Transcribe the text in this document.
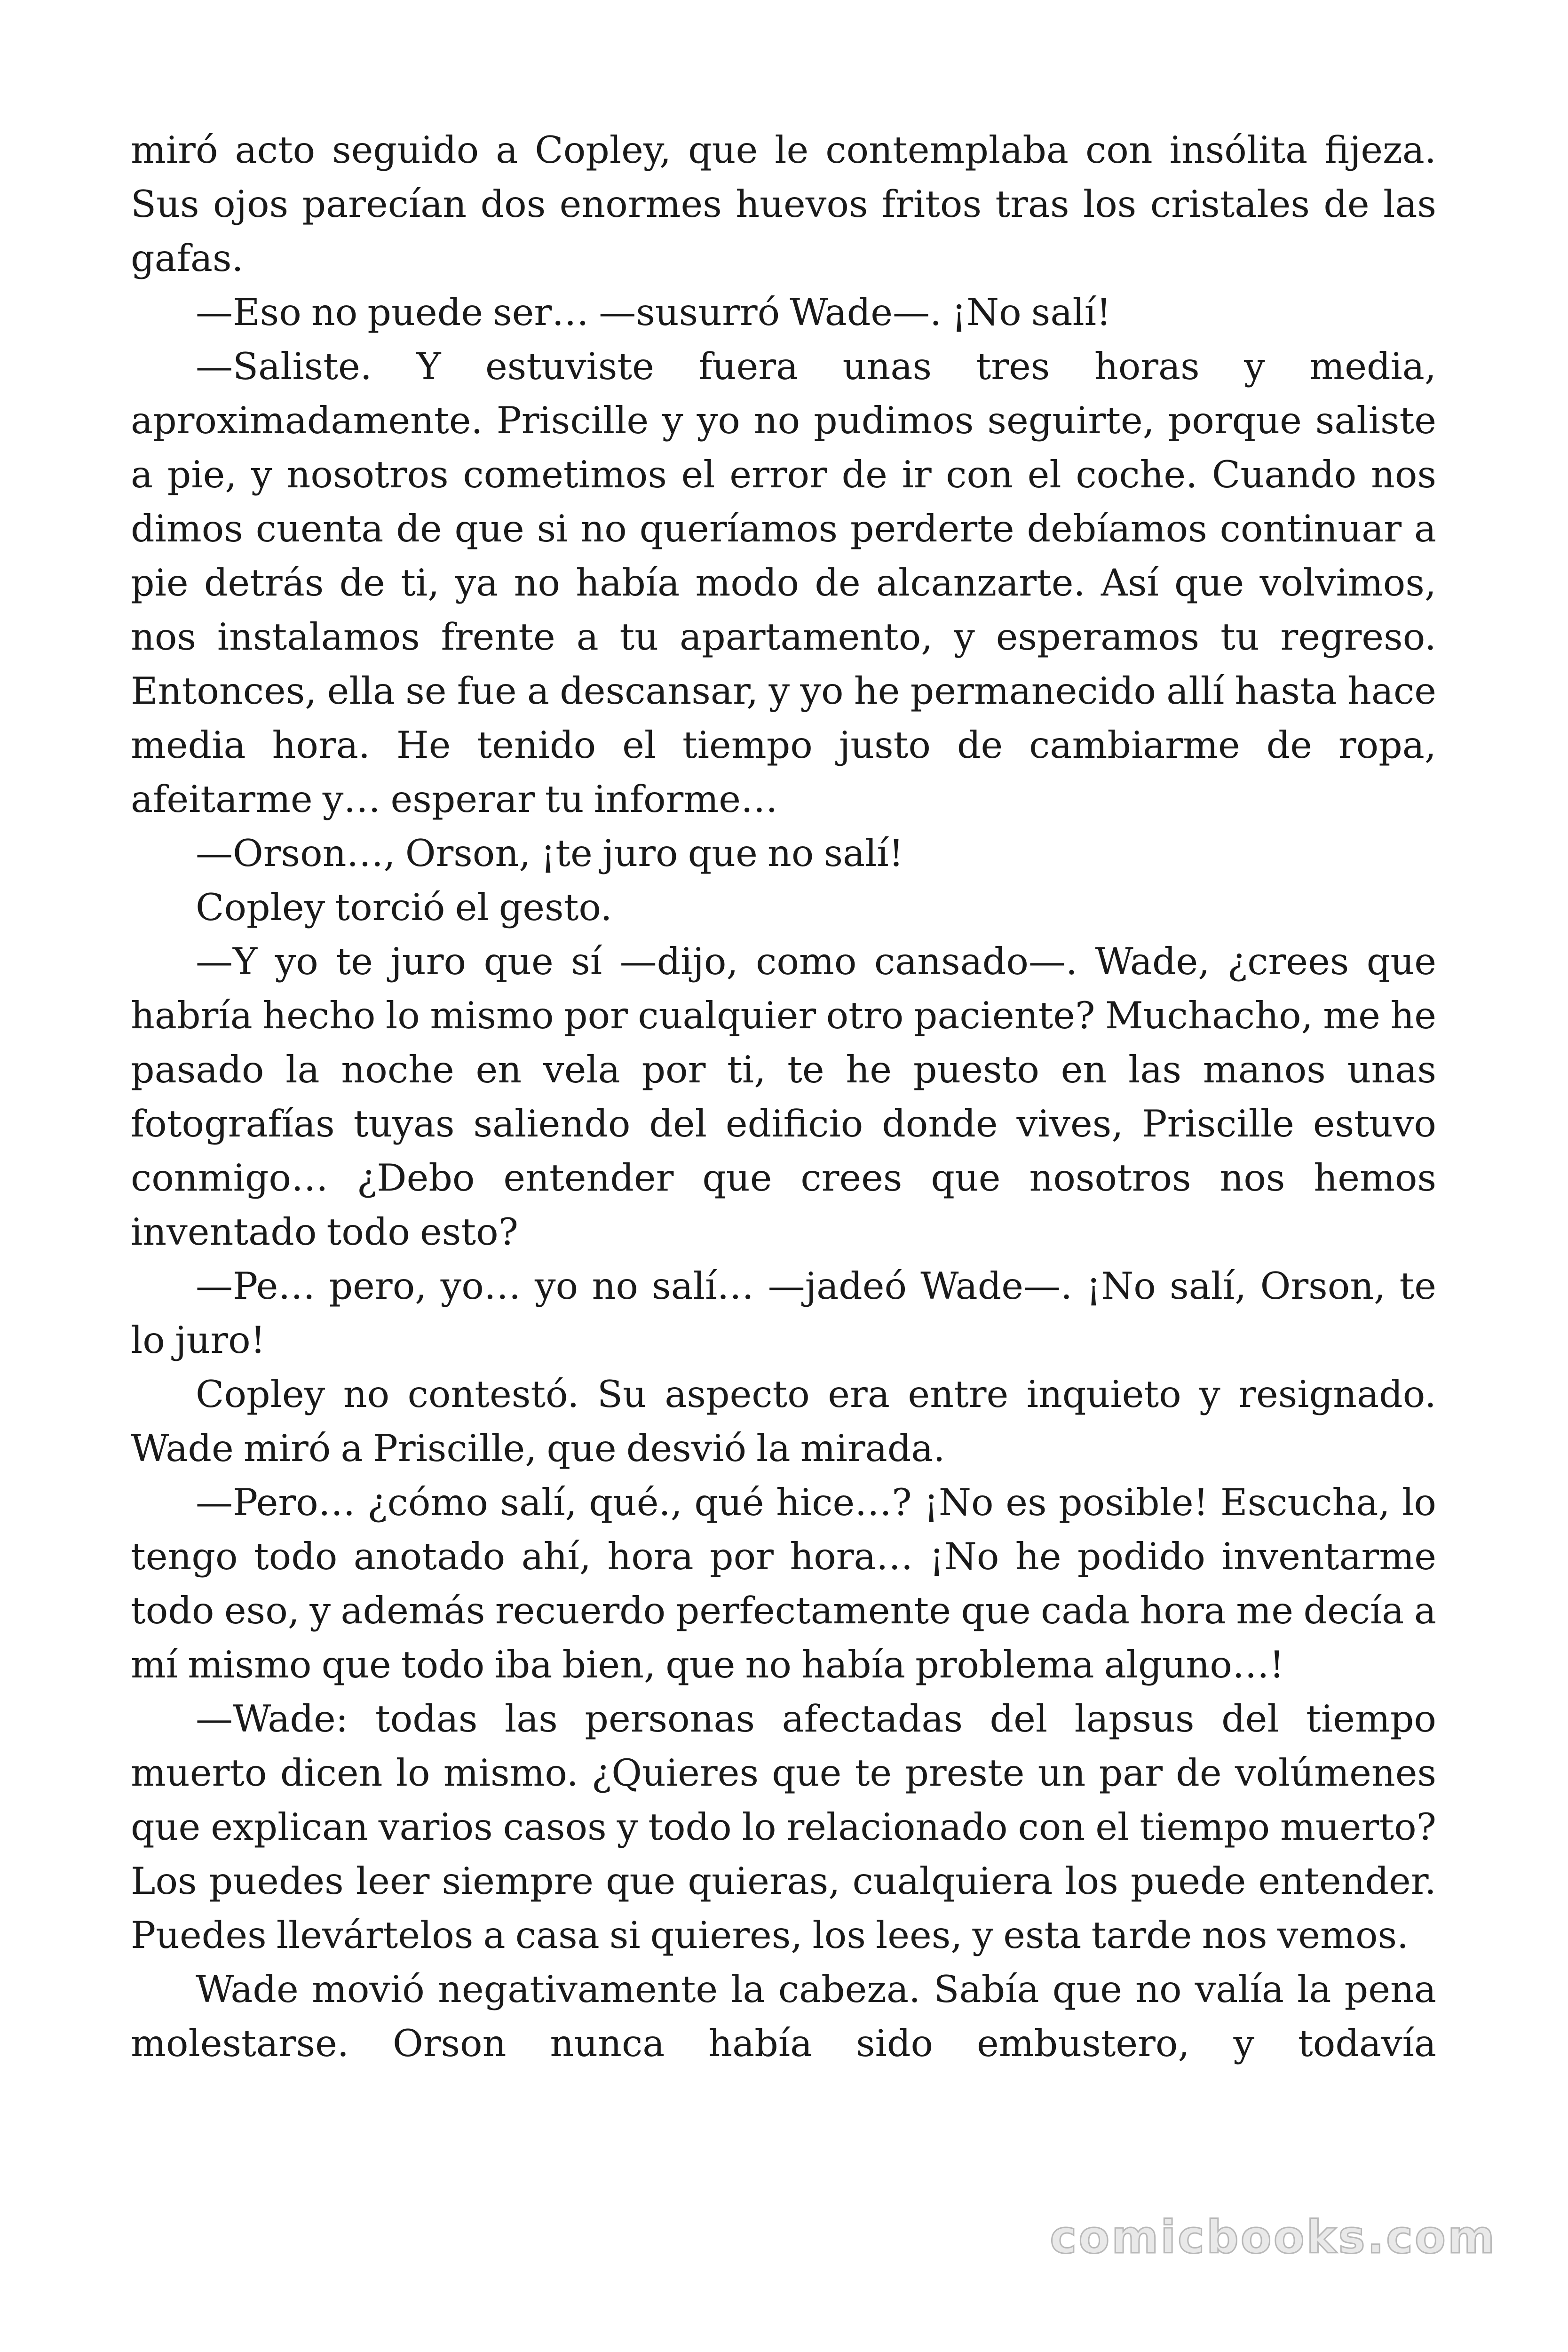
miró acto seguido a Copley, que le contemplaba con insólita fijeza. Sus ojos parecían dos enormes huevos fritos tras los cristales de las gafas.

—Eso no puede ser… —susurró Wade—. ¡No salí!

—Saliste. Y estuviste fuera unas tres horas y media, aproximadamente. Priscille y yo no pudimos seguirte, porque saliste a pie, y nosotros cometimos el error de ir con el coche. Cuando nos dimos cuenta de que si no queríamos perderte debíamos continuar a pie detrás de ti, ya no había modo de alcanzarte. Así que volvimos, nos instalamos frente a tu apartamento, y esperamos tu regreso. Entonces, ella se fue a descansar, y yo he permanecido allí hasta hace media hora. He tenido el tiempo justo de cambiarme de ropa, afeitarme y… esperar tu informe…

—Orson…, Orson, ¡te juro que no salí!

Copley torció el gesto.

—Y yo te juro que sí —dijo, como cansado—. Wade, ¿crees que habría hecho lo mismo por cualquier otro paciente? Muchacho, me he pasado la noche en vela por ti, te he puesto en las manos unas fotografías tuyas saliendo del edificio donde vives, Priscille estuvo conmigo… ¿Debo entender que crees que nosotros nos hemos inventado todo esto?

—Pe… pero, yo… yo no salí… —jadeó Wade—. ¡No salí, Orson, te lo juro!

Copley no contestó. Su aspecto era entre inquieto y resignado. Wade miró a Priscille, que desvió la mirada.

—Pero… ¿cómo salí, qué., qué hice…? ¡No es posible! Escucha, lo tengo todo anotado ahí, hora por hora… ¡No he podido inventarme todo eso, y además recuerdo perfectamente que cada hora me decía a mí mismo que todo iba bien, que no había problema alguno…!

—Wade: todas las personas afectadas del lapsus del tiempo muerto dicen lo mismo. ¿Quieres que te preste un par de volúmenes que explican varios casos y todo lo relacionado con el tiempo muerto? Los puedes leer siempre que quieras, cualquiera los puede entender. Puedes llevártelos a casa si quieres, los lees, y esta tarde nos vemos.

Wade movió negativamente la cabeza. Sabía que no valía la pena molestarse. Orson nunca había sido embustero, y todavía

comicbooks.com
